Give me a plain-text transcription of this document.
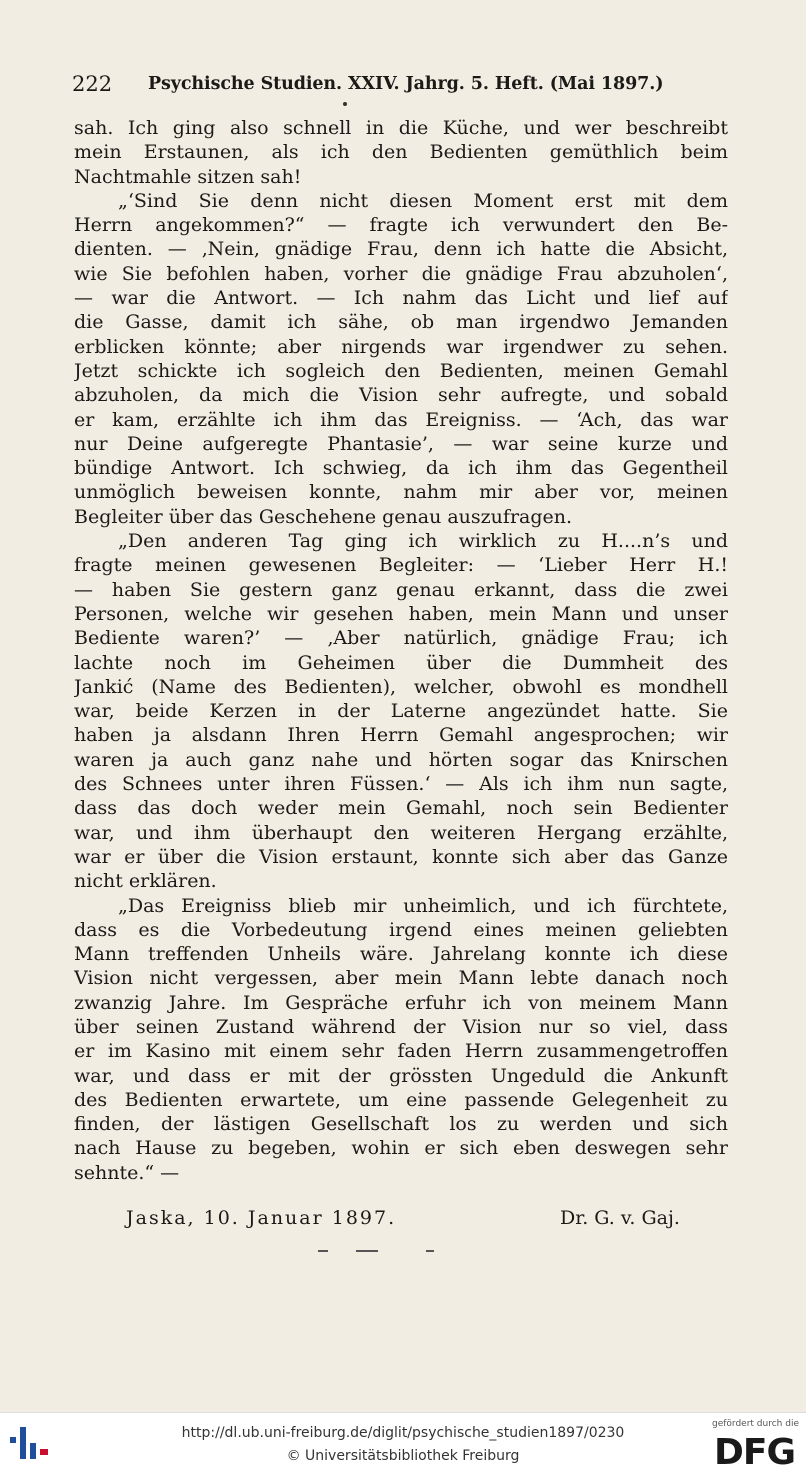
222 Psychische Studien. XXIV. Jahrg. 5. Heft. (Mai 1897.)
sah. Ich ging also schnell in die Küche, und wer beschreibt
mein Erstaunen, als ich den Bedienten gemüthlich beim
Nachtmahle sitzen sah!
„‘Sind Sie denn nicht diesen Moment erst mit dem
Herrn angekommen?“ — fragte ich verwundert den Be-
dienten. — ‚Nein, gnädige Frau, denn ich hatte die Absicht,
wie Sie befohlen haben, vorher die gnädige Frau abzuholen‘,
— war die Antwort. — Ich nahm das Licht und lief auf
die Gasse, damit ich sähe, ob man irgendwo Jemanden
erblicken könnte; aber nirgends war irgendwer zu sehen.
Jetzt schickte ich sogleich den Bedienten, meinen Gemahl
abzuholen, da mich die Vision sehr aufregte, und sobald
er kam, erzählte ich ihm das Ereigniss. — ‘Ach, das war
nur Deine aufgeregte Phantasie’, — war seine kurze und
bündige Antwort. Ich schwieg, da ich ihm das Gegentheil
unmöglich beweisen konnte, nahm mir aber vor, meinen
Begleiter über das Geschehene genau auszufragen.
„Den anderen Tag ging ich wirklich zu H....n’s und
fragte meinen gewesenen Begleiter: — ‘Lieber Herr H.!
— haben Sie gestern ganz genau erkannt, dass die zwei
Personen, welche wir gesehen haben, mein Mann und unser
Bediente waren?’ — ‚Aber natürlich, gnädige Frau; ich
lachte noch im Geheimen über die Dummheit des
Jankić (Name des Bedienten), welcher, obwohl es mondhell
war, beide Kerzen in der Laterne angezündet hatte. Sie
haben ja alsdann Ihren Herrn Gemahl angesprochen; wir
waren ja auch ganz nahe und hörten sogar das Knirschen
des Schnees unter ihren Füssen.‘ — Als ich ihm nun sagte,
dass das doch weder mein Gemahl, noch sein Bedienter
war, und ihm überhaupt den weiteren Hergang erzählte,
war er über die Vision erstaunt, konnte sich aber das Ganze
nicht erklären.
„Das Ereigniss blieb mir unheimlich, und ich fürchtete,
dass es die Vorbedeutung irgend eines meinen geliebten
Mann treffenden Unheils wäre. Jahrelang konnte ich diese
Vision nicht vergessen, aber mein Mann lebte danach noch
zwanzig Jahre. Im Gespräche erfuhr ich von meinem Mann
über seinen Zustand während der Vision nur so viel, dass
er im Kasino mit einem sehr faden Herrn zusammengetroffen
war, und dass er mit der grössten Ungeduld die Ankunft
des Bedienten erwartete, um eine passende Gelegenheit zu
finden, der lästigen Gesellschaft los zu werden und sich
nach Hause zu begeben, wohin er sich eben deswegen sehr
sehnte.“ —
Jaska, 10. Januar 1897.	Dr. G. v. Gaj.
http://dl.ub.uni-freiburg.de/diglit/psychische_studien1897/0230
© Universitätsbibliothek Freiburg
gefördert durch die
DFG
